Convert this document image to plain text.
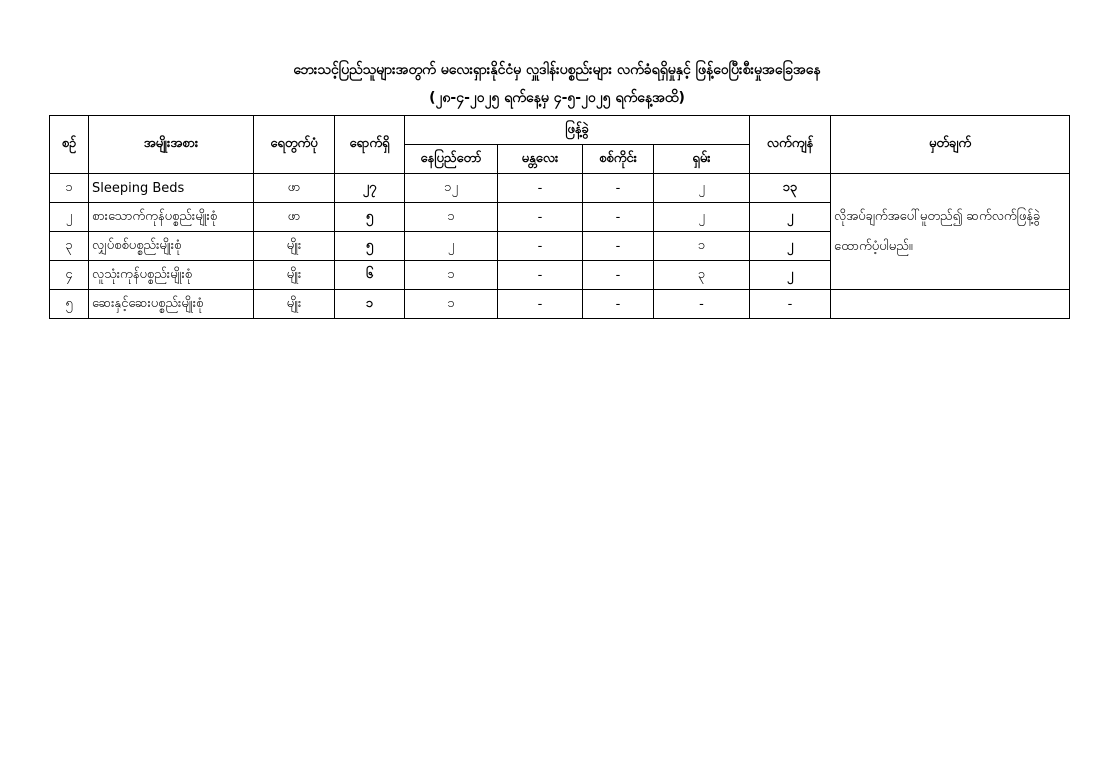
ဘေးသင့်ပြည်သူများအတွက် မလေးရှားနိုင်ငံမှ လှူဒါန်းပစ္စည်းများ လက်ခံရရှိမှုနှင့် ဖြန့်ဝေပြီးစီးမှုအခြေအနေ
(၂၈-၄-၂၀၂၅ ရက်နေ့မှ ၄-၅-၂၀၂၅ ရက်နေ့အထိ)
စဉ်	အမျိုးအစား	ရေတွက်ပုံ	ရောက်ရှိ	ဖြန့်ခွဲ				လက်ကျန်	မှတ်ချက်
				နေပြည်တော်	မန္တလေး	စစ်ကိုင်း	ရှမ်း		
၁	Sleeping Beds	ဖာ	၂၇	၁၂	-	-	၂	၁၃	လိုအပ်ချက်အပေါ်မူတည်၍ ဆက်လက်ဖြန့်ခွဲထောက်ပံ့ပါမည်။
၂	စားသောက်ကုန်ပစ္စည်းမျိုးစုံ	ဖာ	၅	၁	-	-	၂	၂	
၃	လျှပ်စစ်ပစ္စည်းမျိုးစုံ	မျိုး	၅	၂	-	-	၁	၂	
၄	လူသုံးကုန်ပစ္စည်းမျိုးစုံ	မျိုး	၆	၁	-	-	၃	၂	
၅	ဆေးနှင့်ဆေးပစ္စည်းမျိုးစုံ	မျိုး	၁	၁	-	-	-	-	
